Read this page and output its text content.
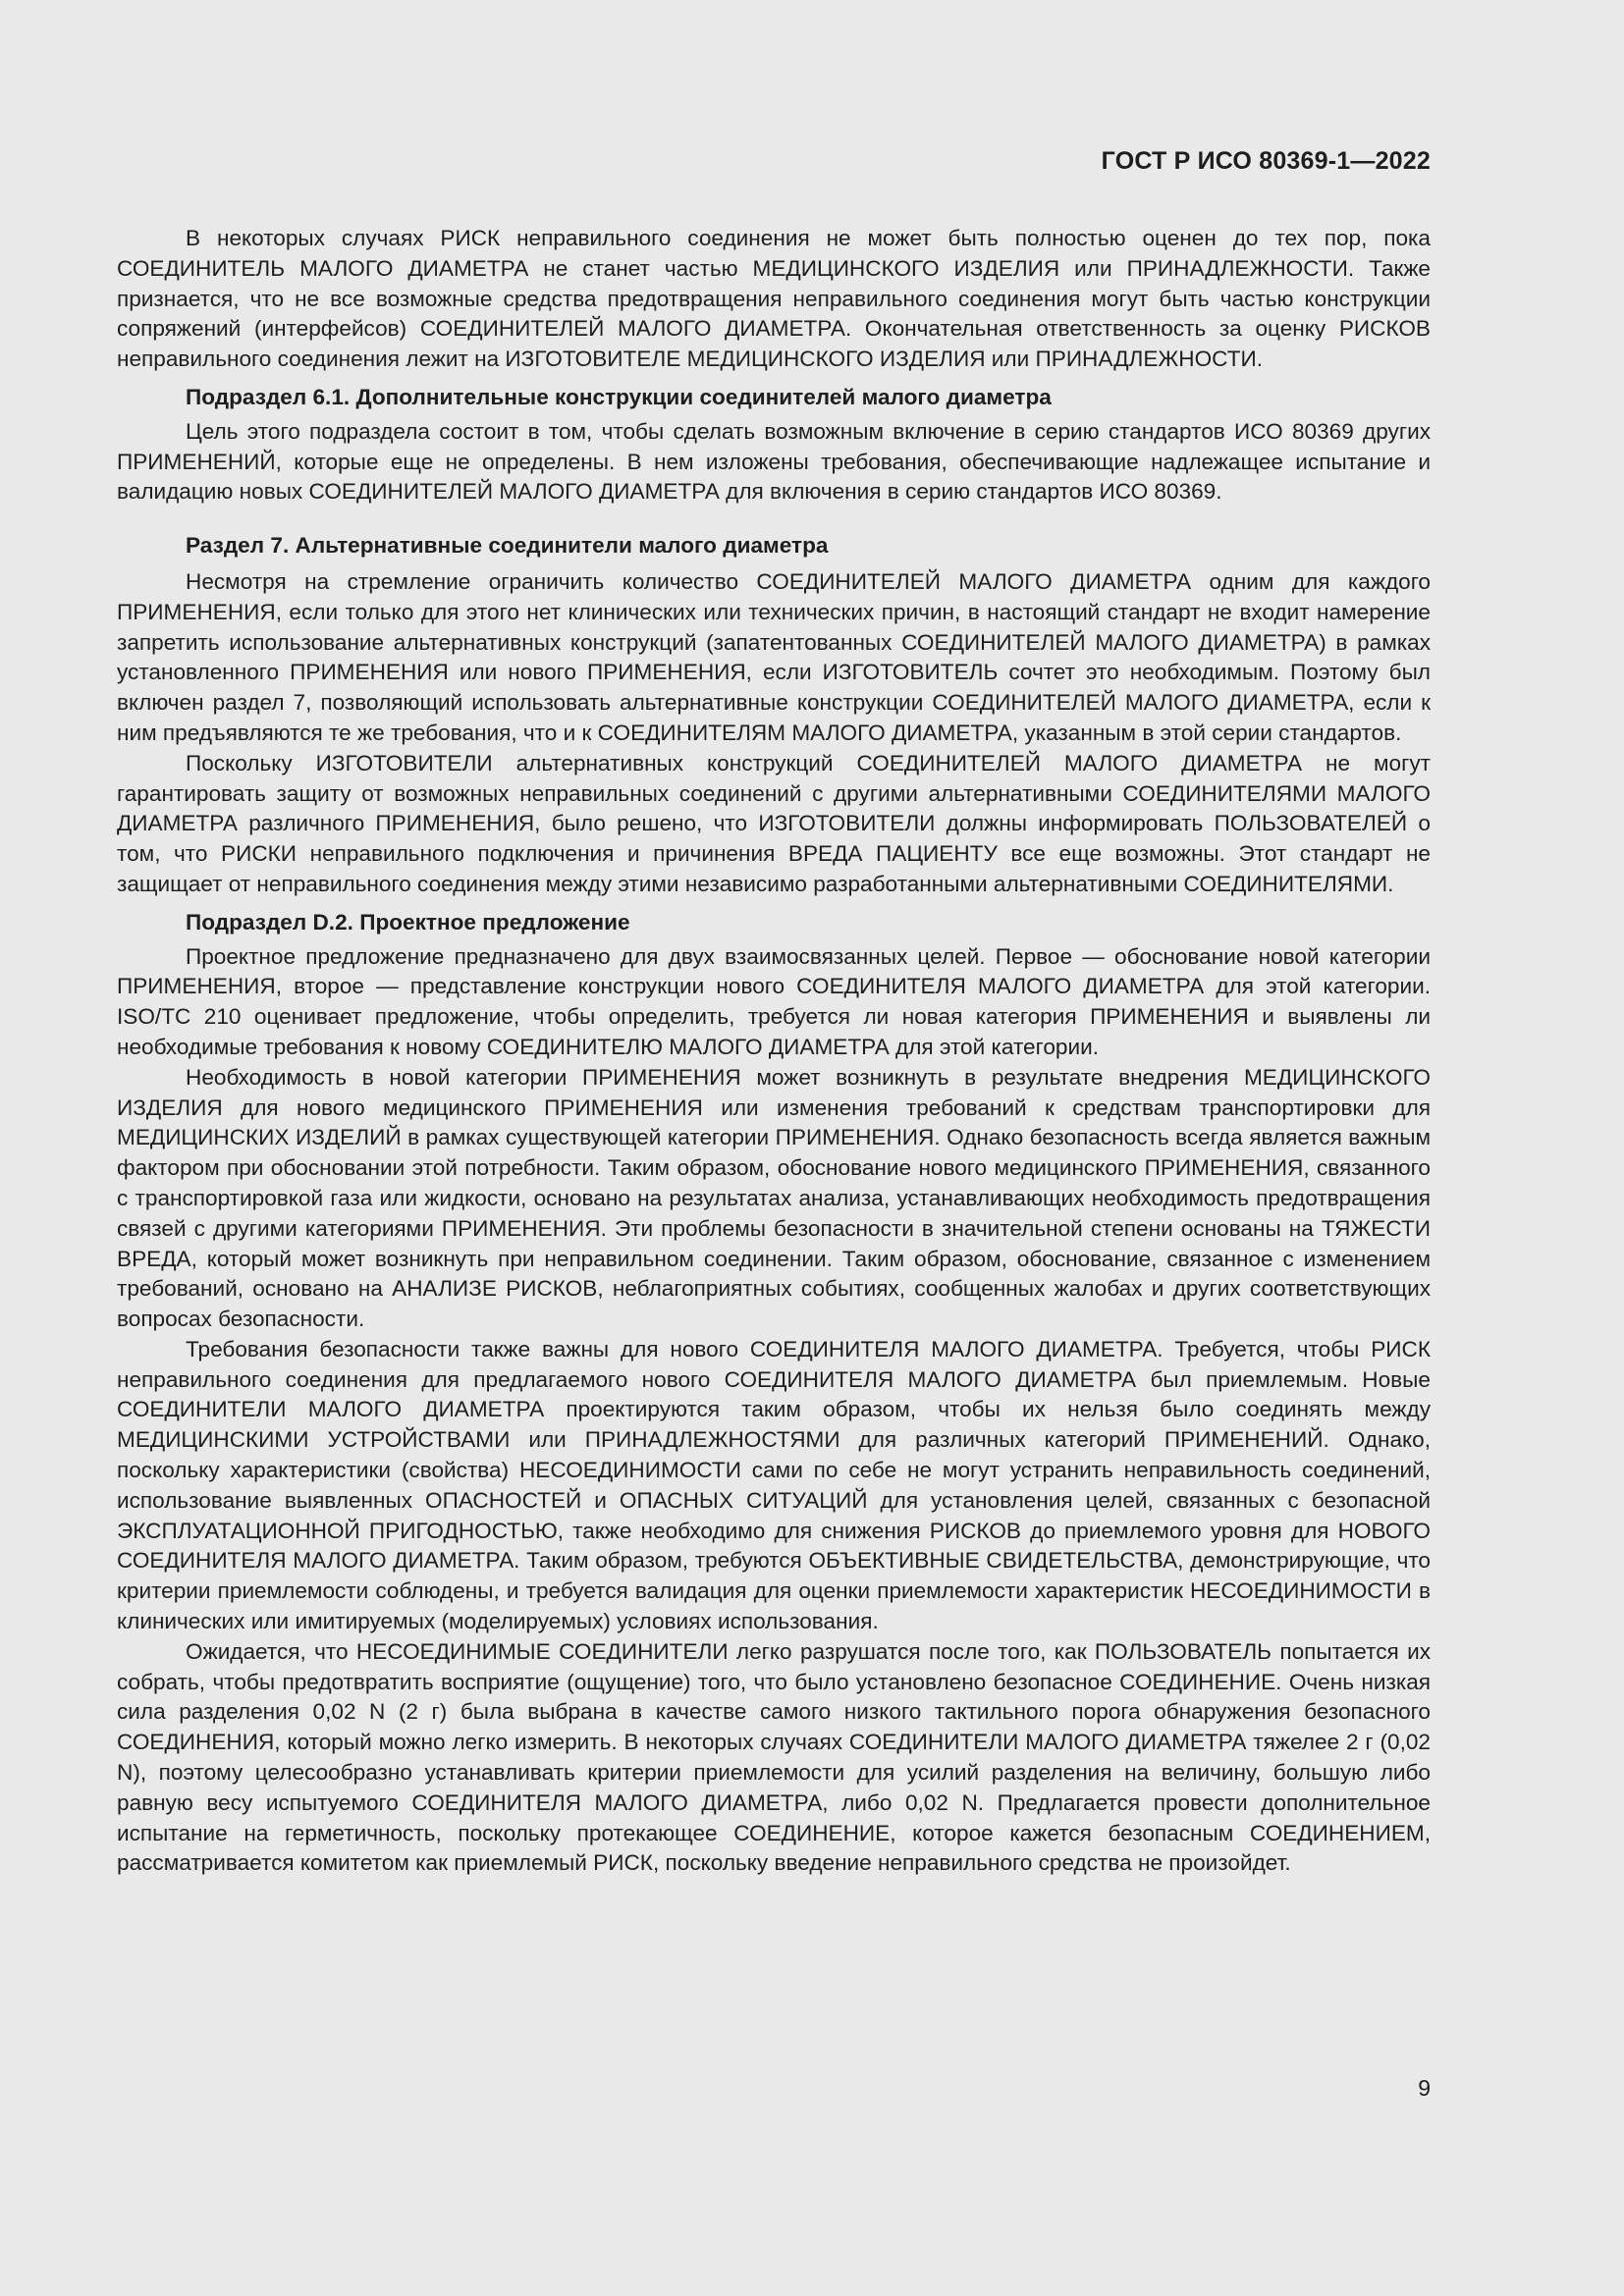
ГОСТ Р ИСО 80369-1—2022

В некоторых случаях РИСК неправильного соединения не может быть полностью оценен до тех пор, пока СОЕДИНИТЕЛЬ МАЛОГО ДИАМЕТРА не станет частью МЕДИЦИНСКОГО ИЗДЕЛИЯ или ПРИНАДЛЕЖНОСТИ. Также признается, что не все возможные средства предотвращения неправильного соединения могут быть частью конструкции сопряжений (интерфейсов) СОЕДИНИТЕЛЕЙ МАЛОГО ДИАМЕТРА. Окончательная ответственность за оценку РИСКОВ неправильного соединения лежит на ИЗГОТОВИТЕЛЕ МЕДИЦИНСКОГО ИЗДЕЛИЯ или ПРИНАДЛЕЖНОСТИ.

Подраздел 6.1. Дополнительные конструкции соединителей малого диаметра

Цель этого подраздела состоит в том, чтобы сделать возможным включение в серию стандартов ИСО 80369 других ПРИМЕНЕНИЙ, которые еще не определены. В нем изложены требования, обеспечивающие надлежащее испытание и валидацию новых СОЕДИНИТЕЛЕЙ МАЛОГО ДИАМЕТРА для включения в серию стандартов ИСО 80369.

Раздел 7. Альтернативные соединители малого диаметра

Несмотря на стремление ограничить количество СОЕДИНИТЕЛЕЙ МАЛОГО ДИАМЕТРА одним для каждого ПРИМЕНЕНИЯ, если только для этого нет клинических или технических причин, в настоящий стандарт не входит намерение запретить использование альтернативных конструкций (запатентованных СОЕДИНИТЕЛЕЙ МАЛОГО ДИАМЕТРА) в рамках установленного ПРИМЕНЕНИЯ или нового ПРИМЕНЕНИЯ, если ИЗГОТОВИТЕЛЬ сочтет это необходимым. Поэтому был включен раздел 7, позволяющий использовать альтернативные конструкции СОЕДИНИТЕЛЕЙ МАЛОГО ДИАМЕТРА, если к ним предъявляются те же требования, что и к СОЕДИНИТЕЛЯМ МАЛОГО ДИАМЕТРА, указанным в этой серии стандартов.

Поскольку ИЗГОТОВИТЕЛИ альтернативных конструкций СОЕДИНИТЕЛЕЙ МАЛОГО ДИАМЕТРА не могут гарантировать защиту от возможных неправильных соединений с другими альтернативными СОЕДИНИТЕЛЯМИ МАЛОГО ДИАМЕТРА различного ПРИМЕНЕНИЯ, было решено, что ИЗГОТОВИТЕЛИ должны информировать ПОЛЬЗОВАТЕЛЕЙ о том, что РИСКИ неправильного подключения и причинения ВРЕДА ПАЦИЕНТУ все еще возможны. Этот стандарт не защищает от неправильного соединения между этими независимо разработанными альтернативными СОЕДИНИТЕЛЯМИ.

Подраздел D.2. Проектное предложение

Проектное предложение предназначено для двух взаимосвязанных целей. Первое — обоснование новой категории ПРИМЕНЕНИЯ, второе — представление конструкции нового СОЕДИНИТЕЛЯ МАЛОГО ДИАМЕТРА для этой категории. ISO/TC 210 оценивает предложение, чтобы определить, требуется ли новая категория ПРИМЕНЕНИЯ и выявлены ли необходимые требования к новому СОЕДИНИТЕЛЮ МАЛОГО ДИАМЕТРА для этой категории.

Необходимость в новой категории ПРИМЕНЕНИЯ может возникнуть в результате внедрения МЕДИЦИНСКОГО ИЗДЕЛИЯ для нового медицинского ПРИМЕНЕНИЯ или изменения требований к средствам транспортировки для МЕДИЦИНСКИХ ИЗДЕЛИЙ в рамках существующей категории ПРИМЕНЕНИЯ. Однако безопасность всегда является важным фактором при обосновании этой потребности. Таким образом, обоснование нового медицинского ПРИМЕНЕНИЯ, связанного с транспортировкой газа или жидкости, основано на результатах анализа, устанавливающих необходимость предотвращения связей с другими категориями ПРИМЕНЕНИЯ. Эти проблемы безопасности в значительной степени основаны на ТЯЖЕСТИ ВРЕДА, который может возникнуть при неправильном соединении. Таким образом, обоснование, связанное с изменением требований, основано на АНАЛИЗЕ РИСКОВ, неблагоприятных событиях, сообщенных жалобах и других соответствующих вопросах безопасности.

Требования безопасности также важны для нового СОЕДИНИТЕЛЯ МАЛОГО ДИАМЕТРА. Требуется, чтобы РИСК неправильного соединения для предлагаемого нового СОЕДИНИТЕЛЯ МАЛОГО ДИАМЕТРА был приемлемым. Новые СОЕДИНИТЕЛИ МАЛОГО ДИАМЕТРА проектируются таким образом, чтобы их нельзя было соединять между МЕДИЦИНСКИМИ УСТРОЙСТВАМИ или ПРИНАДЛЕЖНОСТЯМИ для различных категорий ПРИМЕНЕНИЙ. Однако, поскольку характеристики (свойства) НЕСОЕДИНИМОСТИ сами по себе не могут устранить неправильность соединений, использование выявленных ОПАСНОСТЕЙ и ОПАСНЫХ СИТУАЦИЙ для установления целей, связанных с безопасной ЭКСПЛУАТАЦИОННОЙ ПРИГОДНОСТЬЮ, также необходимо для снижения РИСКОВ до приемлемого уровня для НОВОГО СОЕДИНИТЕЛЯ МАЛОГО ДИАМЕТРА. Таким образом, требуются ОБЪЕКТИВНЫЕ СВИДЕТЕЛЬСТВА, демонстрирующие, что критерии приемлемости соблюдены, и требуется валидация для оценки приемлемости характеристик НЕСОЕДИНИМОСТИ в клинических или имитируемых (моделируемых) условиях использования.

Ожидается, что НЕСОЕДИНИМЫЕ СОЕДИНИТЕЛИ легко разрушатся после того, как ПОЛЬЗОВАТЕЛЬ попытается их собрать, чтобы предотвратить восприятие (ощущение) того, что было установлено безопасное СОЕДИНЕНИЕ. Очень низкая сила разделения 0,02 N (2 г) была выбрана в качестве самого низкого тактильного порога обнаружения безопасного СОЕДИНЕНИЯ, который можно легко измерить. В некоторых случаях СОЕДИНИТЕЛИ МАЛОГО ДИАМЕТРА тяжелее 2 г (0,02 N), поэтому целесообразно устанавливать критерии приемлемости для усилий разделения на величину, большую либо равную весу испытуемого СОЕДИНИТЕЛЯ МАЛОГО ДИАМЕТРА, либо 0,02 N. Предлагается провести дополнительное испытание на герметичность, поскольку протекающее СОЕДИНЕНИЕ, которое кажется безопасным СОЕДИНЕНИЕМ, рассматривается комитетом как приемлемый РИСК, поскольку введение неправильного средства не произойдет.

9
